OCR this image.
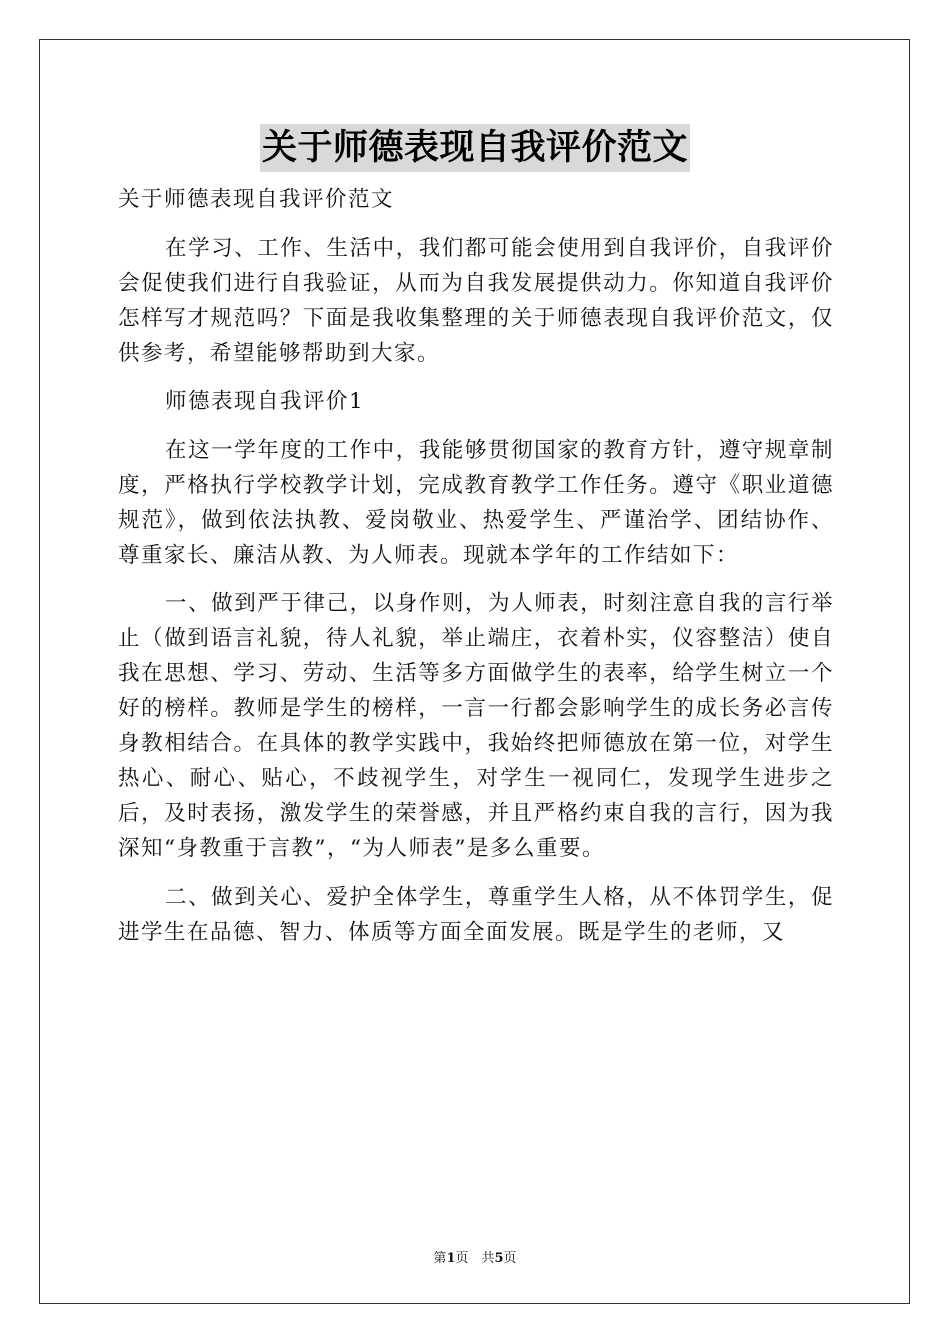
关于师德表现自我评价范文

关于师德表现自我评价范文

在学习、工作、生活中，我们都可能会使用到自我评价，自我评价会促使我们进行自我验证，从而为自我发展提供动力。你知道自我评价怎样写才规范吗？下面是我收集整理的关于师德表现自我评价范文，仅供参考，希望能够帮助到大家。

师德表现自我评价1

在这一学年度的工作中，我能够贯彻国家的教育方针，遵守规章制度，严格执行学校教学计划，完成教育教学工作任务。遵守《职业道德规范》，做到依法执教、爱岗敬业、热爱学生、严谨治学、团结协作、尊重家长、廉洁从教、为人师表。现就本学年的工作结如下：

一、做到严于律己，以身作则，为人师表，时刻注意自我的言行举止（做到语言礼貌，待人礼貌，举止端庄，衣着朴实，仪容整洁）使自我在思想、学习、劳动、生活等多方面做学生的表率，给学生树立一个好的榜样。教师是学生的榜样，一言一行都会影响学生的成长务必言传身教相结合。在具体的教学实践中，我始终把师德放在第一位，对学生热心、耐心、贴心，不歧视学生，对学生一视同仁，发现学生进步之后，及时表扬，激发学生的荣誉感，并且严格约束自我的言行，因为我深知“身教重于言教”，“为人师表”是多么重要。

二、做到关心、爱护全体学生，尊重学生人格，从不体罚学生，促进学生在品德、智力、体质等方面全面发展。既是学生的老师，又

第1页　共5页
